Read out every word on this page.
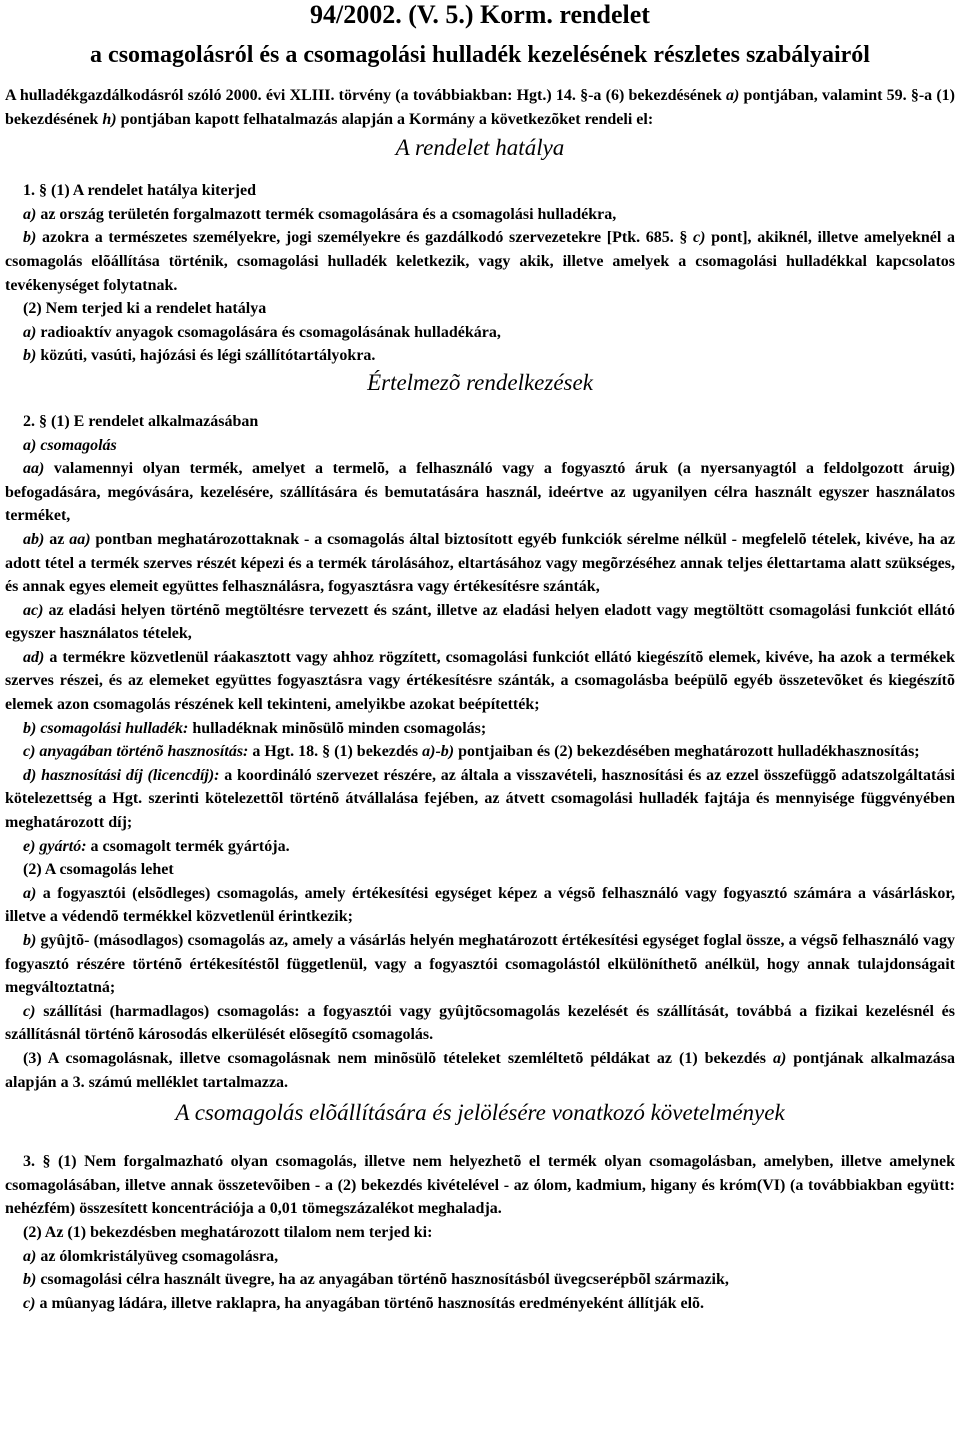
94/2002. (V. 5.) Korm. rendelet
a csomagolásról és a csomagolási hulladék kezelésének részletes szabályairól

A hulladékgazdálkodásról szóló 2000. évi XLIII. törvény (a továbbiakban: Hgt.) 14. §-a (6) bekezdésének a) pontjában, valamint 59. §-a (1) bekezdésének h) pontjában kapott felhatalmazás alapján a Kormány a következõket rendeli el:

A rendelet hatálya

1. § (1) A rendelet hatálya kiterjed

a) az ország területén forgalmazott termék csomagolására és a csomagolási hulladékra,

b) azokra a természetes személyekre, jogi személyekre és gazdálkodó szervezetekre [Ptk. 685. § c) pont], akiknél, illetve amelyeknél a csomagolás elõállítása történik, csomagolási hulladék keletkezik, vagy akik, illetve amelyek a csomagolási hulladékkal kapcsolatos tevékenységet folytatnak.

(2) Nem terjed ki a rendelet hatálya

a) radioaktív anyagok csomagolására és csomagolásának hulladékára,

b) közúti, vasúti, hajózási és légi szállítótartályokra.

Értelmezõ rendelkezések

2. § (1) E rendelet alkalmazásában

a) csomagolás

aa) valamennyi olyan termék, amelyet a termelõ, a felhasználó vagy a fogyasztó áruk (a nyersanyagtól a feldolgozott áruig) befogadására, megóvására, kezelésére, szállítására és bemutatására használ, ideértve az ugyanilyen célra használt egyszer használatos terméket,

ab) az aa) pontban meghatározottaknak - a csomagolás által biztosított egyéb funkciók sérelme nélkül - megfelelõ tételek, kivéve, ha az adott tétel a termék szerves részét képezi és a termék tárolásához, eltartásához vagy megõrzéséhez annak teljes élettartama alatt szükséges, és annak egyes elemeit együttes felhasználásra, fogyasztásra vagy értékesítésre szánták,

ac) az eladási helyen történõ megtöltésre tervezett és szánt, illetve az eladási helyen eladott vagy megtöltött csomagolási funkciót ellátó egyszer használatos tételek,

ad) a termékre közvetlenül ráakasztott vagy ahhoz rögzített, csomagolási funkciót ellátó kiegészítõ elemek, kivéve, ha azok a termékek szerves részei, és az elemeket együttes fogyasztásra vagy értékesítésre szánták, a csomagolásba beépülõ egyéb összetevõket és kiegészítõ elemek azon csomagolás részének kell tekinteni, amelyikbe azokat beépítették;

b) csomagolási hulladék: hulladéknak minõsülõ minden csomagolás;

c) anyagában történõ hasznosítás: a Hgt. 18. § (1) bekezdés a)-b) pontjaiban és (2) bekezdésében meghatározott hulladékhasznosítás;

d) hasznosítási díj (licencdíj): a koordináló szervezet részére, az általa a visszavételi, hasznosítási és az ezzel összefüggõ adatszolgáltatási kötelezettség a Hgt. szerinti kötelezettõl történõ átvállalása fejében, az átvett csomagolási hulladék fajtája és mennyisége függvényében meghatározott díj;

e) gyártó: a csomagolt termék gyártója.

(2) A csomagolás lehet

a) a fogyasztói (elsõdleges) csomagolás, amely értékesítési egységet képez a végsõ felhasználó vagy fogyasztó számára a vásárláskor, illetve a védendõ termékkel közvetlenül érintkezik;

b) gyûjtõ- (másodlagos) csomagolás az, amely a vásárlás helyén meghatározott értékesítési egységet foglal össze, a végsõ felhasználó vagy fogyasztó részére történõ értékesítéstõl függetlenül, vagy a fogyasztói csomagolástól elkülöníthetõ anélkül, hogy annak tulajdonságait megváltoztatná;

c) szállítási (harmadlagos) csomagolás: a fogyasztói vagy gyûjtõcsomagolás kezelését és szállítását, továbbá a fizikai kezelésnél és szállításnál történõ károsodás elkerülését elõsegítõ csomagolás.

(3) A csomagolásnak, illetve csomagolásnak nem minõsülõ tételeket szemléltetõ példákat az (1) bekezdés a) pontjának alkalmazása alapján a 3. számú melléklet tartalmazza.

A csomagolás elõállítására és jelölésére vonatkozó követelmények

3. § (1) Nem forgalmazható olyan csomagolás, illetve nem helyezhetõ el termék olyan csomagolásban, amelyben, illetve amelynek csomagolásában, illetve annak összetevõiben - a (2) bekezdés kivételével - az ólom, kadmium, higany és króm(VI) (a továbbiakban együtt: nehézfém) összesített koncentrációja a 0,01 tömegszázalékot meghaladja.

(2) Az (1) bekezdésben meghatározott tilalom nem terjed ki:

a) az ólomkristályüveg csomagolásra,

b) csomagolási célra használt üvegre, ha az anyagában történõ hasznosításból üvegcserépbõl származik,

c) a mûanyag ládára, illetve raklapra, ha anyagában történõ hasznosítás eredményeként állítják elõ.
